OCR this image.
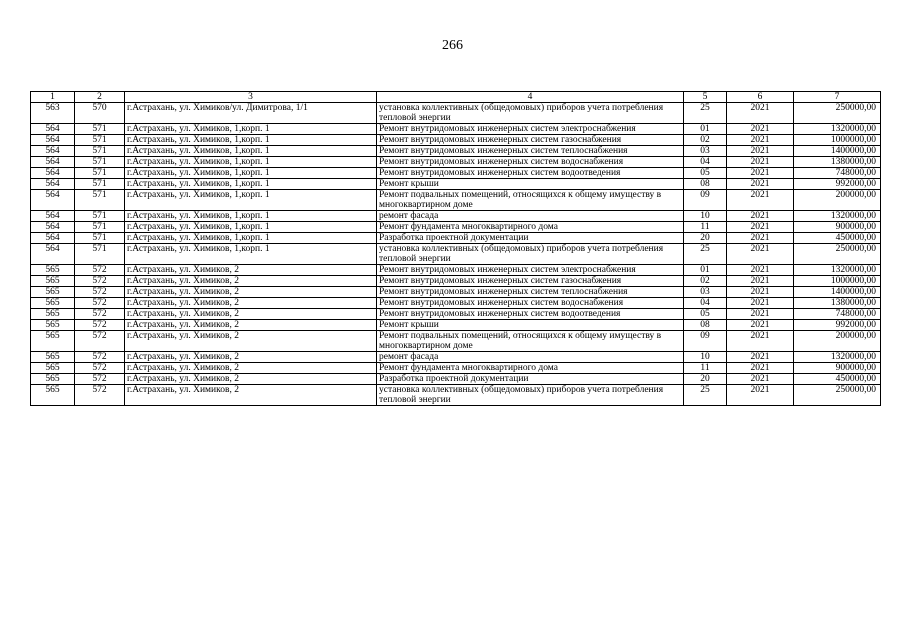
266
1	2	3	4	5	6	7
563	570	г.Астрахань, ул. Химиков/ул. Димитрова, 1/1	установка коллективных (общедомовых) приборов учета потребления тепловой энергии	25	2021	250000,00
564	571	г.Астрахань, ул. Химиков, 1,корп. 1	Ремонт внутридомовых инженерных систем электроснабжения	01	2021	1320000,00
564	571	г.Астрахань, ул. Химиков, 1,корп. 1	Ремонт внутридомовых инженерных систем газоснабжения	02	2021	1000000,00
564	571	г.Астрахань, ул. Химиков, 1,корп. 1	Ремонт внутридомовых инженерных систем теплоснабжения	03	2021	1400000,00
564	571	г.Астрахань, ул. Химиков, 1,корп. 1	Ремонт внутридомовых инженерных систем водоснабжения	04	2021	1380000,00
564	571	г.Астрахань, ул. Химиков, 1,корп. 1	Ремонт внутридомовых инженерных систем водоотведения	05	2021	748000,00
564	571	г.Астрахань, ул. Химиков, 1,корп. 1	Ремонт крыши	08	2021	992000,00
564	571	г.Астрахань, ул. Химиков, 1,корп. 1	Ремонт подвальных помещений, относящихся к общему имуществу в многоквартирном доме	09	2021	200000,00
564	571	г.Астрахань, ул. Химиков, 1,корп. 1	ремонт фасада	10	2021	1320000,00
564	571	г.Астрахань, ул. Химиков, 1,корп. 1	Ремонт фундамента многоквартирного дома	11	2021	900000,00
564	571	г.Астрахань, ул. Химиков, 1,корп. 1	Разработка проектной документации	20	2021	450000,00
564	571	г.Астрахань, ул. Химиков, 1,корп. 1	установка коллективных (общедомовых) приборов учета потребления тепловой энергии	25	2021	250000,00
565	572	г.Астрахань, ул. Химиков, 2	Ремонт внутридомовых инженерных систем электроснабжения	01	2021	1320000,00
565	572	г.Астрахань, ул. Химиков, 2	Ремонт внутридомовых инженерных систем газоснабжения	02	2021	1000000,00
565	572	г.Астрахань, ул. Химиков, 2	Ремонт внутридомовых инженерных систем теплоснабжения	03	2021	1400000,00
565	572	г.Астрахань, ул. Химиков, 2	Ремонт внутридомовых инженерных систем водоснабжения	04	2021	1380000,00
565	572	г.Астрахань, ул. Химиков, 2	Ремонт внутридомовых инженерных систем водоотведения	05	2021	748000,00
565	572	г.Астрахань, ул. Химиков, 2	Ремонт крыши	08	2021	992000,00
565	572	г.Астрахань, ул. Химиков, 2	Ремонт подвальных помещений, относящихся к общему имуществу в многоквартирном доме	09	2021	200000,00
565	572	г.Астрахань, ул. Химиков, 2	ремонт фасада	10	2021	1320000,00
565	572	г.Астрахань, ул. Химиков, 2	Ремонт фундамента многоквартирного дома	11	2021	900000,00
565	572	г.Астрахань, ул. Химиков, 2	Разработка проектной документации	20	2021	450000,00
565	572	г.Астрахань, ул. Химиков, 2	установка коллективных (общедомовых) приборов учета потребления тепловой энергии	25	2021	250000,00
